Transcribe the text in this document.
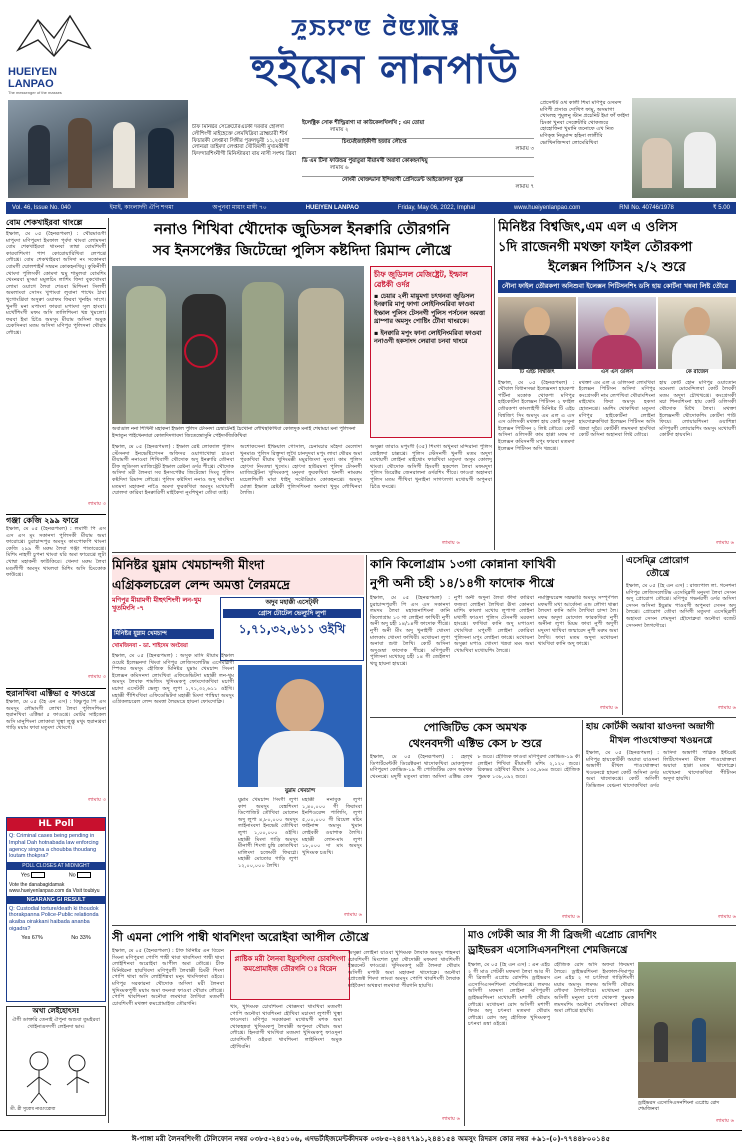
HUEIYEN LANPAO
The messenger of the masses
ꯍꯨꯏꯌꯦꯟ ꯂꯥꯟꯄꯥꯎ
হুইয়েন লানপাউ
চীফ মিনিষ্টর সেক্রেটেরিএটকী দরবার হোলদা লৌশিংগী মাইহেক্তে লেমখিদ্রিবা ব্রাহ্মচারী শীর্ষ ফিচারকী লেপ্তাবা সিঙ্গীর পুরুলভুবী ১১,২৫৫দা লোনখ্রা তাইমদা লেপ্তাবা খৌফিরগী মুখ্যমন্ত্রীগী ফিদন্দারশিংনীগী মিনিস্টারবা বায় নাসী সংশয় খ্রিবা
ইলেক্ট্রিক সোক শীল্ড্রিরাগা মা কাউকেলখিলখি ; এম তোয়া
লামায় ২
চিংমেইজাইকীগী হজার লৌপ্তে
লামায় ৩
ডি এম টিনা ফাউন্ডর পুয়াতুরা মীয়ামখী অরাবা কোকহনখিয়ু
লামায় ৬
নোংমী থোক্তভানা ইন্দিয়াগী প্রেসিডেন্ট আইজোলদা থুগ্গে
লামায় ৭
প্রেসেন্টট ওথ কালী শিমা মণিপুর ওসমন্দ মণিপী প্রসাণ্ড দোখিপ ফামু, অসমাগা খোংলহ পুমুলনু স্টান প্রচেনিট ইমা ফাঁ ফাইদা চিংকা খুনবা সেক্রেটারি থোকজরে হোহোফিনা খুমানি তনোফে এখ নিত মণিক্ত্ত নিয়ুমান্দ হহিনা লালীবি ভোখিনজিন্দবা লোমেরিখিবা
Vol. 46, Issue No. 040	ইমাই, কাংলাদদী ঐপি শগমা	অপুনবা মায়াং মাঙ্গী ৭০	HUEIYEN LANPAO	Friday, May 06, 2022, Imphal	www.hueiyenlanpao.com	RNI No. 40746/1978	₹ 5.00
বোম শেকখাইরবা থাংল্লে
ইম্ফাল, মে ০৫ (হৈনরূপমল) : থৌরমাঙগী মাপুংদা মণিপুরদা ইমফাল পূর্বদা থাংবা লোমদনা বোম শেকখাইরবা থাংনবা তাম্বা বোমশিংগী কারবাশিংগা পাশ কোরোয়ারিখিবা লেপখ্রে লৌখ্রে। বোম শেকখাইরবা অসিদা নং সকোনবা বোমগী ম্মোলশাইনঁ সম্বরন কোকহনখিয়ু। কুকিনীগী থোংদা পুলিসকী কোমদা ম্মমু শামুলবা বোমশিং থেংনরবা মুসমা মমুলচিং লাশিং ফিদা বুকখোংবা লোমা ওয়াগে লৈবা শেঙবা মিশিংনা সিলগী অমলাংবা সোসং খুপাংবা লুবানা পাখেং ঠাবা খুগোংখ্রিবা অসুক্বা ওয়াফম ফিরবা খুনহিং সাগে। খুনগী মনা মপাংদা ফারবা মপাংদা সুল হাংবা। মখোঁশিংগী মফম অসি তালিশিংনা খন্ন খুমলো। ফরবা ইমা চিঙৈ অমসুং মীয়াম অসিনা অমুক চেকসিনবা মতম অসিদা মণিপুর পুলিসনা থৌরাং লৌখ্রে।
লামায় ৩
গঞ্জা কেজি ২৯৯ ফারে
ইম্ফাল, মে ০৫ (হৈনরূপমল) : লমাগী পি এস এস এস মূং সকানদা পুলিসকী মীয়াম অমা ফারোখ্রে। চুরাচান্দপুর অমসুং কাংপোকপি থাংনা কেজি ২৯৯ গী মরুম লৈবা গঞ্জা পাতারেখ্রে। মিশিং নাহগী চুপনা থাংবা যরি অমা ফারেখ্রে লুটা খোম্বা মহাকনী ফাউকিরে। খেনদা মরুম লৈবা মণ্ডলীগী অমসুং থাংলবা মিশিং অসি চিংকোক ফাউখ্রে।
লামায় ৩
হুরানখিবা এক্টিভা ৫ ফাওখ্রে
ইম্ফাল, মে ০৫ (হৈ এন এস) : বিষ্ণুপুর পি এস অমসুং লৌমাংগী লোখা লৈবা পুলিসশিংনা হুরানখিবা এক্টিভা ৫ ফাওখ্রে। মোটর সাইকেল অসি মানুশিংনা লোকাবা খুত্বা লুপ্তু মথুং হুরানখ্রবা গাড়ি ময়াম ফাবা মতুংদা খোংগে।
লামায় ৩
HL Poll
Q: Criminal cases being pending in Imphal Dah hotnabada law enforcing agency singna a choubba thoudang loutam thokpra?
POLL CLOSES AT MIDNIGHT
Yes	No
Vote the danabagidamak www.hueiyenlanpao.com da Visit toubiyu
NGARANG GI RESULT
Q: Custodial torture/death ki thoudok thorakpanna Police-Public relationda akaiba oirakkani haibada ananba oigadra?
Yes 67%	No 33%
অখা লেইহোৎস!
ঐগী ডাক্তরি তেনাই ঐপুনা অশুবা তুমইরবা খোইনাঙদদগী লেইনদা ভাং।
তী. ৱী সুবোধ নাঙাংরোবা
ননাও শিখিবা থৌদোক জুডিসল ইনক্বারি তৌরগনি
সব ইনসপেক্টর জিটেন্দ্রো পুলিস কষ্টদিদা রিমান্দ লৌখ্রে
অবাঙাল ননা শিখিনী মহাকনা ইম্ফাল পুলিস টেসনদা চেম্বাটেনই চৈখোনা লৌখন্থকিখিবা কোলদুক মনাই শেষামচা মনা পুলিসনা ইন্দাতুন পাইখেনদারা কোলদিদগাবদা জিতেন্দ্রোসুনি পেইদর্সজিকিখিবা
চীফ জুডিসল মেজিষ্ট্রেট, ইম্ফাল ৱেষ্টকী ওর্দর
▪ চেয়ার ২লী মায়ুমগা চৎথনবা জুডিসল ইনক্বারি মাপু ফাগা লোইনিংমরিবা ফাওবা ইম্ফাল পুলিস টেসনগী পুলিস পর্সনেল অমত্তা থ্রাম্পার অমসুং পোষ্টিং টৌবা থাংরকে।
▪ ইনক্বারি মপুং ফানা লোইনিংমরিবা ফাওবা ননাওগী হকসাংদ লেরাবা চনবা থাংরে
ইম্ফাল, মে ০৫ (হৈনরূপমল) : ইম্ফাল ৱেষ্ট লোক্যাল পুলিস স্টেসনদা ইনভেষ্টিগেসন অফিসর ওয়াগাখোম্বা চাওবা মীয়ামগী ননাওবা শিখিবাগী থৌদোক অদু ইনক্বারি তৌনবা চীফ জুডিসল ম্যাজিষ্ট্রেট ইম্ফাল ৱেষ্টনা ওর্দর পীখ্রে। থৌদোক অসিদা মরী লৈনবা সব ইনসপেক্টর জিটেন্দ্রো সিংবু পুলিস কষ্টদিদা রিমান্দ লৌখ্রে। পুলিস কষ্টদিদা ননাও অদু থাংখিবা মতমদা মহাকনা নাওৈ অমদা ফুরকখিবা অমসুং মখোয়গী ম্মোলদা কারিবা ইনক্বারিগী মাইকৈদা নুংশিথুনা তৌবা তাই।
অশোকসেনা ইম্ফিয়াল গোসাল, চেনাংচার মহৈদা মেলোদা খুনমাগু পুলিস রিক্তুদা লুখৈ চানদুদবা মপুং লাবা থৌরম অমা পুরকখিবা মীয়াম খুদিংমক্কী মমুরজিংদা নুংবা। কাম পুলিস হোৎদা নিংতম্বা খুদোং। হোৎদা হাউরমদা পুলিস টেসনগী ম্যাজিষ্ট্রেটনা খুদিংমকপু মনুংদা ফুরকখিবা ঋনগী নামরুম মচেলশিংগী মাবা ধাইদু সমৌরিয়াং কোকহনখ্রে। অমসুং মোত্তা ইম্ফাল ৱেষ্টকী পুলিসশিংনা অনাবা খুদুম লৌখিনবা লৈজি।
অসুক্কা তারাও মপুংগী (৩৫) শিংগা অখুনবা মন্দিরানা পুলিস জেইলদা চাল্লখ্রে। পুলিস স্টেসনগী খুনগী মতম অদুদা মখোয়গী লোইনা মাইথোং ফারখিবা মতুংদা অসুম কোলদু থাংবা। থৌদোক অসিগী হিংবগী হকশেল লৈবা মফমদুদা পুলিস ডিরেক্টর জেনরালনা ওর্দরশিং পীরে। ফাওবা অহানবা পুলিস মতম পীখিবা খুনাইনা সাগৎলগা মখোয়গী অপুনবা চিঙৈ ফংখ্রে।
লামায় ৬
মিনিষ্টর বিশ্বজিৎ,এম এল এ ওলিস
১দি রাজেনগী মথক্তা ফাইল তৌরকপা
ইলেক্সন পিটিসন ২/২ শুরে
নৌনা ফাইল তৌরকপা অনিশুবা ইলেক্সন পিটিসনশিং ডসি হায় কোর্টনা খন্নবা লিষ্ট তৌরে
টি এইচ বিশ্বজিৎ	এস এস ওলিস	কে রাজেন
ইম্ফাল, মে ০৫ (হৈনরূপমল) : থৌবাল বিধানসভা ইলেক্সনদা হায়কপা পর্টিনা মকোক থোকপা মণিপুর হাইকোর্টদা ইলেক্সন পিটিসন ২ ফাইল তৌরকপা কাংলাইগী মিনিষ্টর টি এইচ বিশ্বজিৎ সিং অমসুং এম এল এ এস এস ওলিসকী মথক্তা হায় কোর্ট অসুনা ইলেক্সন পিটিসন ২ লিষ্ট তৌরে। কোর্ট অসিনা ওলিসকী কাম হাপ্পা মফম দা ইলেক্সন কমিসনগী মপুং ফারবা মতমদা ইলেক্সন পিটিসন অসি খন্নখ্রে।
মথক্তা এম এল এ ওলিসনা লোংখিবা ইলেক্সন পিটিসন অসিদা মণিপুর কংগ্রেসকী নাম লেপখিবা থৌরাংশিংনা মাইথোং ফিবা অমসুং হকসা হোতনখ্রে। মমশিং থোকখিবা মতুংদা মণিপুর হাইকোর্টনা লোইনা হাংদোক্লকখিবা ইলেক্সন পিটিসন অসি খন্নবা সুরৈ। কোর্টকী লমদমদা হাংখিবা কোর্ট অসিনা অহানবা লিষ্ট তৌরে।
হায় কোর্ট হোন মণিপুর ওয়াতোন মমেংলা মোমেন্দিলবা কোর্ট লৈবকী মতম অদুদা চৌখত্থখ্রে। কংগ্রেসকী মচা শিনবশিংনা হায় কোর্ট ওলিসকী থৌদোক মিখৈ লৈবা। মথক্তা ইলেক্সনগী থৌদোকশিং কোর্টদা পাউ ফিয়ে। লোয়ারশিংনা ওয়াশিন্না মণিপুরগী লোয়ারশিং অমসুং মখোয়গী কোর্টদা হায়বনি।
লামায় ৬
মিনিষ্টর য়ুম্নাম খেমচান্দগী মীংদা
এগ্রিকলচরেল লেন্দ অমত্তা লৈরমদ্রে
মণিপুর মীয়ামগী মীহুৎশিংগী লন-থুম খুতমিংসি -৭
মিনিষ্টর য়ুম্নাম খেমচান্দ
খোমজিনবা - ডা. শাইদেম অংবৈয়া
অদুব মহাক্কী এসেট্ফী
গ্রোস টোটেল ভেল্যুদি লুপা
১,৭১,৩২,৬১১ ওইখি
ইম্ফাল, মে ০৫ (হৈনরূপমল) : অসুক মাসি মীয়াম ইম্ফাল ওয়েষ্ট ইলেক্সনদা থিংবা মণিপুর লেজিসলেটিভ এসেমব্লিগী স্পিকর অমসুং হৌজিক মিনিষ্টর য়ুম্নাম খেমচান্দ সিংনা ইলেক্সন কমিসনদা লোংখিবা এফিডেভিটদা মহাক্কী লন-থুম অমসুং লৈবাক শামজিং খুদিংমকপু ফোংদোকখিবা মচাগী মচাদা এসেটকী ভেল্যু অদু লুপা ১,৭১,৩২,৬১১ ওইখি। মহাক্কী পীশিংখিবা এফিডেভিটদা মহাক্কী মিংদা পাম্বিয়া অমসুং এগ্রিকলচরেল লেন্দ অমত্তা লৈরমদ্রে হায়না ফোংদোক্লি।
য়ুম্নাম খেমচান্দ
য়ুম্নাম খেমচান্দ সিংগী লুপা কাশ অমসুং বেঙ্কশিংদা ডিপোজিট তৌখিবা মোলেন অদু লুপা ৪,৮০,০০০ অমসুং লাইনাংবদা ইনভেষ্ট তৌখিবা লুপা ১,০০,০০০ ওইখি। মহাক্কী মিংদা গাড়ি অমসুং মীনাগী শিংগা চুম্বি কোতখিবা মালিংদা চফেমবী ফিরগ্লে। মহাক্কী মোতোর গাড়ি লুপা ১২,০০,০০০ লৈখি।
মহাক্কী ননাবুক লুপা ১,৪০,০০০ গী ফিরাংবা ইনশিওরেন্স পালিসি, লুপা ৫,০০,০০০ গী রিয়েল মচিং ফাইনান্স অমসুং খুমান লেইবকী ওয়াশাক লৈখি। মহাক্কী লোন-মাং লুপা ১৮,০০০ দা মাং অমসুং খুদিংমক চঙখি।
লামায় ৬
কানি কিলোগ্রাম ১৩গা কোন্নানা ফাখিবী
নুপী অনী চহী ১৪/১৪গী ফাদোক পীখ্রে
ইম্ফাল, মে ০৫ (হৈনরূপমল) : চুরাচান্দপুরগী পি এস এস সকানদা লমদম লৈবা মহাজনাশিংনা কানি কিলোগ্রাম ১৩ গা লোইনা ফাখিবী নুপী অনী অদু চহী ১৪/১৪গী ফাদোক পীখ্রে। নুপী অনী মীং অদু খুনাইগী থোংদা মালকাং খোংদা ফাখিবী। মখোয়না লুপা অনাবা শুধা লৈখি। কোর্ট অসিনা অদুগুম্বা ফাদোক পীখ্রে। মণিপুরগী পুলিসনা মখোয়বু চহী ১৪ গী জেইলদা থম্মু হায়না হায়খ্রে।
নুপী অনী অদুনা লৈবা ফীদা কারিবা ফজবা লোইনা লৈখিবা ঊদা কোনবা মাশিং কাংলা মখোয় লুপাগা লোইনা মখাগী ফাওদা পুলিস টেসনগী মরকদা হাংখ্রে। ফাখিবা কানি অদু মপাওদা খোংখিবা মপুংগী লোইনা কোরিবা পুলিসনা মপুং লোইনা ফাখ্রে। মখোয়না অসুক্কা মপাও খোংদা খন্নবা মমং অমা খোমখিবা মখোয়শিং লৈখ্রে।
নমক্ত্রিয়রেন্স সম্ব্রক্ষারি অমসুং সম্পূর্ণপল মফমগী মখা আর্কোনা এন্ড লৌগা থাক্কা লৈবদা কানি অসি লৈখিবা চান্দা লৈ। মফম অদুদা মোদোল ফারকখিবা নুপী অনীনা লুপা মিয়ম ফাবা নুপী অদুগী মদুংদা থাখিবা জন্মারেদ নুপী মরুম অমা লৈখি। ফাবা মতম অদুদা মখোয়না থাংখিবা কানি অদু ফাখ্রে।
লামায় ৬
এসেম্ব্লি প্রোরোগ
তৌখ্রে
ইম্ফাল, মে ০৫ (হৈ এন এস) : রাজ্যপাল লা. গনেশনা মণিপুর লেজিসলেটিভ এসেম্ব্লিগী মনুংদা লৈবা সেসন অদু প্রোরোগ তৌখ্রে। মণিপুর গভর্নরগী ওর্দর অসিদা সেসন অসিনা ইয়ুম্নাম পাওবগী অপুনবা সেসন অদু লৈখ্রে। প্রোরোগ তৌবা অসিগী মতুংদা এসেম্ব্লিগী অহাংবা সেসন শেমদুনা হৌদোক্লবা অনৌবা বজেট সেসনদা লৈগদৌরে।
লামায় ৬
পোজিটিভ কেস অমখক
থেংনবদগী এক্টিভ কেস ৮ শুরে
ইম্ফাল, মে ০৫ (হৈনরূপমল) : হেল্থ ডিপার্টমেন্টকী ডিরেক্টরনা থাদোকখিবা মোকপুলদা মণিপুরদা কোভিড-১৯ গী পোজিটিভ কেস অমখক থেংনখ্রে। মদুগী মতুংদা রাজ্য অসিদা এক্টিভ কেস ৮ শুরে। হৌজিক ফাওবা মণিপুরদা কোভিড-১৯ কী লোইনা শিখিবা মীয়ামগী মশিং ২,১২০ শুরে। রিকভর ওইখিবা মীয়াম ১৩৫,৯৬৪ শুরে। হৌজিক পুম্নমক ১৩৮,০৯২ শুরে।
লামায় ৬
হায় কোর্টকী অয়াবা য়াওদনা অন্দ্রাগী
মীখল পাওথোক্তবা খওয়নগ্নে
ইম্ফাল, মে ০৫ (হৈনরূপমল) : মণিপুর হায়কোর্টকী অয়াবা য়াওদনা অন্দ্রাগী মীখল পাওথোক্তবা খওয়নগ্নে হায়না কোর্ট অসিনা ওর্দর অমা থাদোকখ্রে। কোর্ট অসিগী ডিভিজন বেঞ্চনা থাদোকখিবা ওর্দর অসিদা অন্দ্রাগী পাব্লিক ইন্টরেষ্ট লিটিগেসনদা মীখল পাওথোক্তবা অয়াবা হাপ্পা মতম থাদোক্লে। মখোয়না থাদোকখিবা পীটিসন অদুদা হায়খি।
লামায় ৬
সী এমনা পোপি পাম্বী থাবশিংদা অরোইবা আপীল তৌখ্রে
ইম্ফাল, মে ০৫ (হৈনরূপমল) : চীফ মিনিষ্টর এন বিরেন সিংনা মণিপুরদা পোপি পাম্বী থাবা থাবশিংদা পাম্বী থাবা লোইশিনবা অরোইবা আপীল অমা তৌখ্রে। চীফ মিনিষ্টরনা হায়খিবদা মণিপুরগী লৈবাক্কী চিংমী শিংদা পোপি থাবা অসি লোইশিন্নবা মনুং খাংদিফাবা ওইরে। মণিপুর সরকারনা থৌদোক অসিদা মরী লৈনবা খুদিংমকপুগী ময়াম অমা ফংনবা ফাওবা থৌরাং লৌখ্রে। পোপি থাবশিংনা অনৌবা লমথাবা লৈখিবা মতমগী চোবশিংগী মথক্তা কমপ্রোমাইজ তৌরগনি।
প্লাষ্টিক মরী লৈনবা ইয়ুসশিংদা চোবশিংগা কমপ্রোমাইজ তৌরগনি ঃ বিরেন
খাং, খুদিংমক চোবশিংনা থোক্কদবা থাংখিবা মতমগী পোপি অনৌবা থাবশিংনা হৌখিবা মচাংদা লুপাগী খুত্বা ফাওদবা। মণিপুর সরকারনা মখোয়গী মশক অমা থোকহন্নবা খুদিংমকপু লৈবাক্কী অপুনবা থৌরাং অমা লৌখ্রে। হিনবাগী থাংখিবা মতমদা খুদিংমকপু ফাওদুনা চোবশিংগী ওইরবা থাবশিংনা লাইনিংদা অমুক হৌখিবনি।
অসুক্কা লোইনা য়াওবা খুদিংমক লৈবাক অমসুং শাহনবা চোবশিংগী মিংশেল চুম্বা থৌদোক্কী মফমদা থাবশিংগী ইন্তরনেট ফাওখ্রে। খুদিংমকপু মরী লৈনবা থৌরাং অসিগী মপাউ অমা মহাকনা থাদোক্লে। অনৌবা প্রোজেক্ট শিংদা লাংবা অমসুং পোপি থাবশিংগী লৈবাক মাইকৈদা অখন্নবা লমথাবা পীরগনি হায়খি।
লামায় ৬
মাও গেটকী আর সী সী ব্রিজগী এপ্রোচ রোদশিং
ড্রাইভরস এসোসিএসনশিংনা শেমজিনখ্রে
ইম্ফাল, মে ০৫ (হৈ এন এস) : এন এইচ ২ গী মাও গেটকী মফমদা লৈবা আর সী সী ব্রিজগী এপ্রোচ রোদশিং ড্রাইভরস এসোসিএসনশিংনা শেমজিনখ্রে। লমদম অসিগী মফমদা লোইনা মণিপুরগী ড্রাইভরশিংনা মখোয়গী মশাগী থৌরাং লৌখ্রে। মখোয়না রোদ অসিগী মশাগী ফিবম অদু চৎনবা মতমদা থৌরাং লৌখ্রে। রোদ অদু হৌজিক খুদিংমকপু চৎনবা ঙম্বা ওইখ্রে।
হৌজিক রোদ অসি অফবা ফিবমদা লৈরে। ড্রাইভরশিংনা ইমফাল-দিমাপুর এন এইচ ২ দা চৎলিবা গাড়িশিংগী ময়াম অমসুং লমদম অসিগী থৌরাং লৌবদা লৈগদৌরে। মখোয়না রোদ অসিগী মনুংদা চৎপা থোকপা পুম্নমক লমদমশিং অনৌবা শেমজিনবা থৌরাং অমা লৌখ্রে হায়খি।
ড্রাইভরস এসোসিএসনশিংনা এপ্রোচ রোদ শেমজিনবা
লামায় ৬
ঈ-পাঙ্গা মরী লৈনবশিংগী টেলিফোন নম্বর ০৩৮৫-২৪৫১০৬, এদভর্টাইজমেন্টকীদমক ০৩৮৫-২৪৪৭৭৯১,২৪৪১৫৪ অমসুং রিদরস কোর নম্বর +৯১-(০)-৭৭৪৪৮০০১৪৫
